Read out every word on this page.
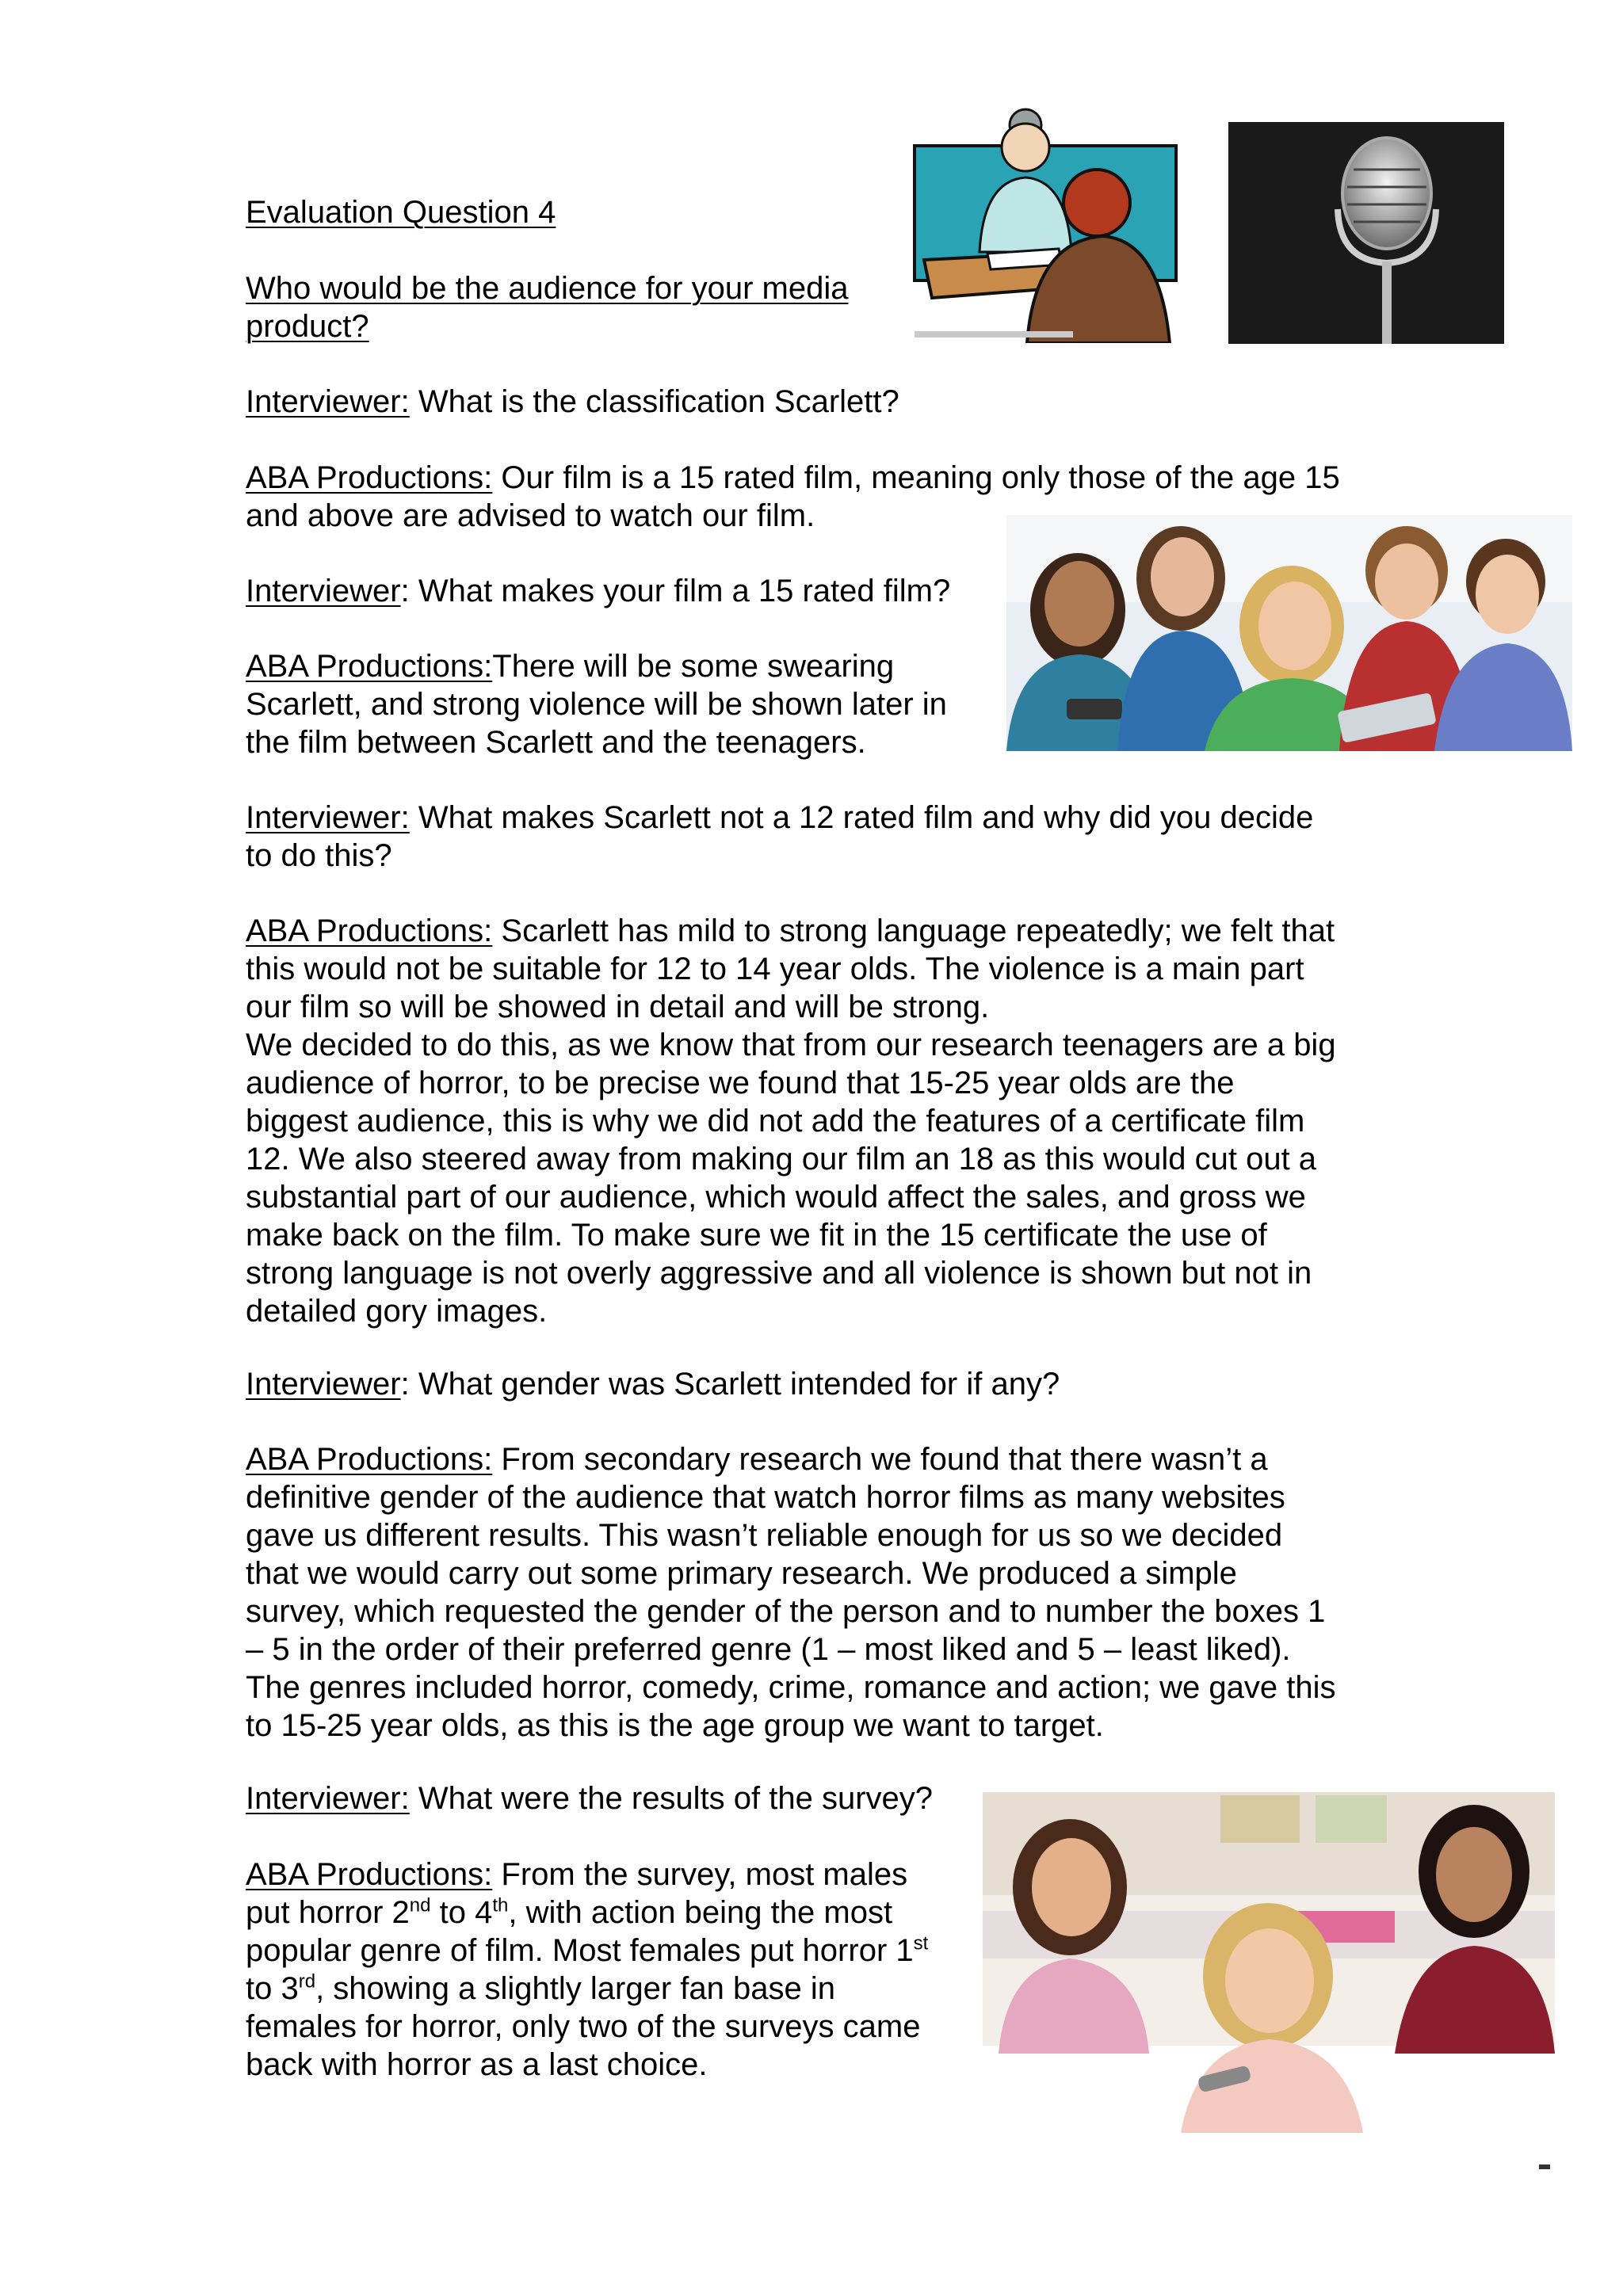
Evaluation Question 4
Who would be the audience for your media
product?
Interviewer: What is the classification Scarlett?
ABA Productions: Our film is a 15 rated film, meaning only those of the age 15
and above are advised to watch our film.
Interviewer: What makes your film a 15 rated film?
ABA Productions:There will be some swearing
Scarlett, and strong violence will be shown later in
the film between Scarlett and the teenagers.
Interviewer: What makes Scarlett not a 12 rated film and why did you decide
to do this?
ABA Productions: Scarlett has mild to strong language repeatedly; we felt that
this would not be suitable for 12 to 14 year olds. The violence is a main part
our film so will be showed in detail and will be strong.
We decided to do this, as we know that from our research teenagers are a big
audience of horror, to be precise we found that 15-25 year olds are the
biggest audience, this is why we did not add the features of a certificate film
12. We also steered away from making our film an 18 as this would cut out a
substantial part of our audience, which would affect the sales, and gross we
make back on the film. To make sure we fit in the 15 certificate the use of
strong language is not overly aggressive and all violence is shown but not in
detailed gory images.
Interviewer: What gender was Scarlett intended for if any?
ABA Productions: From secondary research we found that there wasn’t a
definitive gender of the audience that watch horror films as many websites
gave us different results. This wasn’t reliable enough for us so we decided
that we would carry out some primary research. We produced a simple
survey, which requested the gender of the person and to number the boxes 1
– 5 in the order of their preferred genre (1 – most liked and 5 – least liked).
The genres included horror, comedy, crime, romance and action; we gave this
to 15-25 year olds, as this is the age group we want to target.
Interviewer: What were the results of the survey?
ABA Productions: From the survey, most males
put horror 2nd to 4th, with action being the most
popular genre of film. Most females put horror 1st
to 3rd, showing a slightly larger fan base in
females for horror, only two of the surveys came
back with horror as a last choice.
